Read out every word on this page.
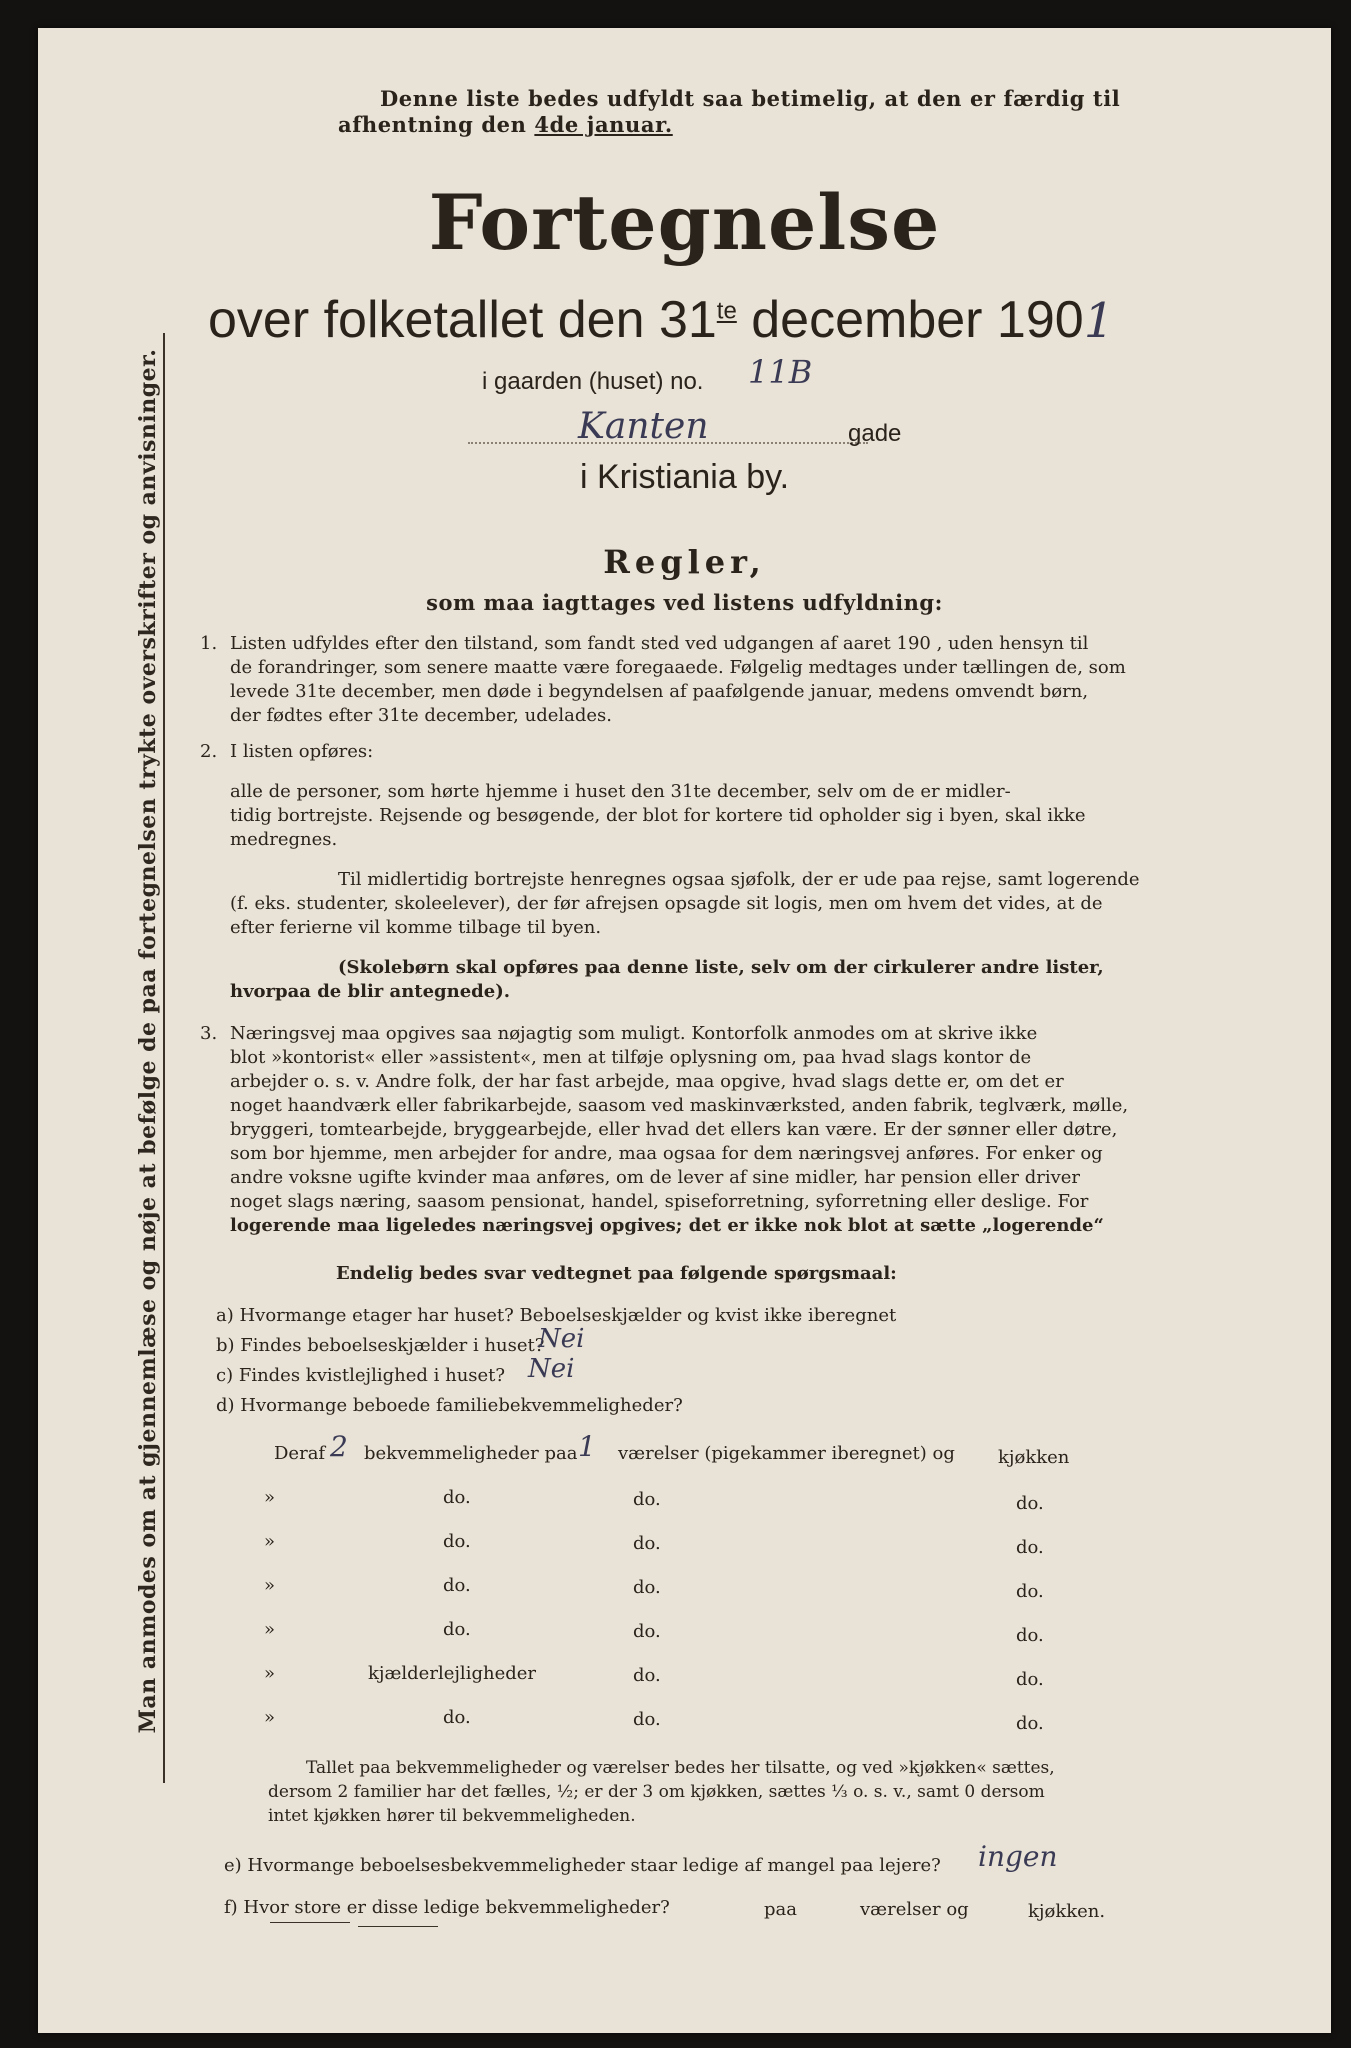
Man anmodes om at gjennemlæse og nøje at befølge de paa fortegnelsen trykte overskrifter og anvisninger.
Denne liste bedes udfyldt saa betimelig, at den er færdig til
afhentning den 4de januar.
Fortegnelse
over folketallet den $31^{te}$ december 1901
i gaarden (huset) no. 11B
Kanten	gade
i Kristiania by.
Regler,
som maa iagttages ved listens udfyldning:
1. Listen udfyldes efter den tilstand, som fandt sted ved udgangen af aaret 190 , uden hensyn til
de forandringer, som senere maatte være foregaaede. Følgelig medtages under tællingen de, som
levede 31te december, men døde i begyndelsen af paafølgende januar, medens omvendt børn,
der fødtes efter 31te december, udelades.
2. I listen opføres:
alle de personer, som hørte hjemme i huset den 31te december, selv om de er midler-
tidig bortrejste. Rejsende og besøgende, der blot for kortere tid opholder sig i byen, skal ikke
medregnes.
Til midlertidig bortrejste henregnes ogsaa sjøfolk, der er ude paa rejse, samt logerende
(f. eks. studenter, skoleelever), der før afrejsen opsagde sit logis, men om hvem det vides, at de
efter ferierne vil komme tilbage til byen.
(Skolebørn skal opføres paa denne liste, selv om der cirkulerer andre lister,
hvorpaa de blir antegnede).
3. Næringsvej maa opgives saa nøjagtig som muligt. Kontorfolk anmodes om at skrive ikke
blot »kontorist« eller »assistent«, men at tilføje oplysning om, paa hvad slags kontor de
arbejder o. s. v. Andre folk, der har fast arbejde, maa opgive, hvad slags dette er, om det er
noget haandværk eller fabrikarbejde, saasom ved maskinværksted, anden fabrik, teglværk, mølle,
bryggeri, tomtearbejde, bryggearbejde, eller hvad det ellers kan være. Er der sønner eller døtre,
som bor hjemme, men arbejder for andre, maa ogsaa for dem næringsvej anføres. For enker og
andre voksne ugifte kvinder maa anføres, om de lever af sine midler, har pension eller driver
noget slags næring, saasom pensionat, handel, spiseforretning, syforretning eller deslige. For
logerende maa ligeledes næringsvej opgives; det er ikke nok blot at sætte „logerende“
Endelig bedes svar vedtegnet paa følgende spørgsmaal:
a) Hvormange etager har huset? Beboelseskjælder og kvist ikke iberegnet
b) Findes beboelseskjælder i huset?
Nei
c) Findes kvistlejlighed i huset? Nei
d) Hvormange beboede familiebekvemmeligheder?
Deraf 2 bekvemmeligheder paa 1 værelser (pigekammer iberegnet) og kjøkken
»	do.	do.	do.
»	do.	do.	do.
»	do.	do.	do.
»	do.	do.	do.
»	kjælderlejligheder	do.	do.
»	do.	do.	do.
Tallet paa bekvemmeligheder og værelser bedes her tilsatte, og ved »kjøkken« sættes,
dersom 2 familier har det fælles, ½; er der 3 om kjøkken, sættes ⅓ o. s. v., samt 0 dersom
intet kjøkken hører til bekvemmeligheden.
e) Hvormange beboelsesbekvemmeligheder staar ledige af mangel paa lejere? ingen
f) Hvor store er disse ledige bekvemmeligheder?	paa	værelser og	kjøkken.
